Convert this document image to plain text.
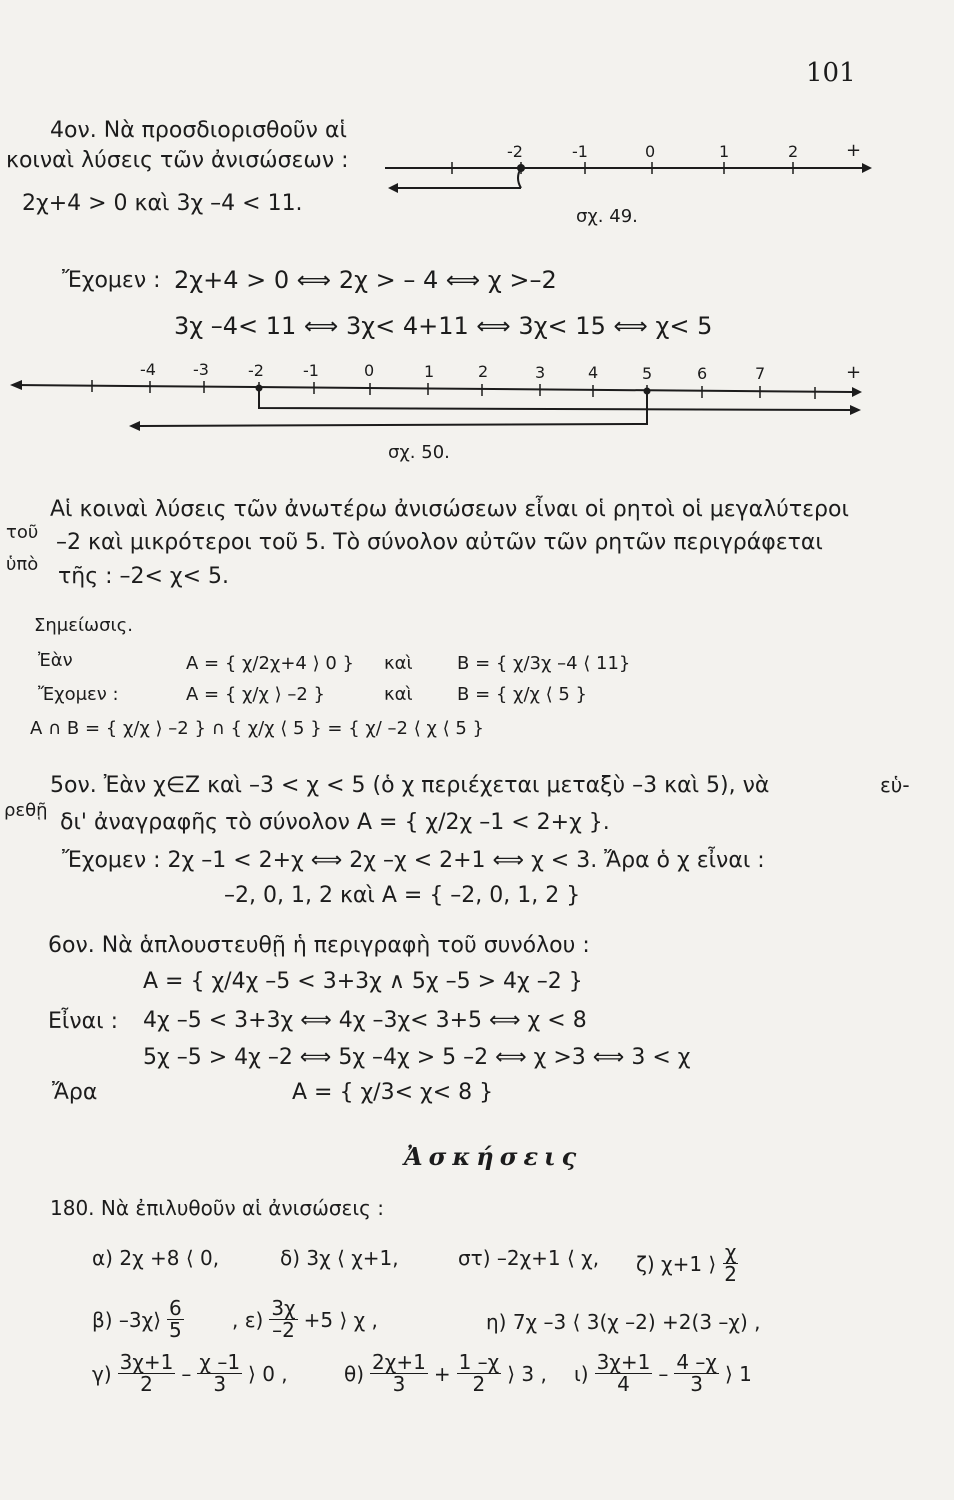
101
4ον. Νὰ προσδιορισθοῦν αἱ
κοιναὶ λύσεις τῶν ἀνισώσεων :
2χ+4 > 0 καὶ 3χ –4 < 11.
-2	-1	0	1	2	+
σχ. 49.
Ἔχομεν : 2χ+4 > 0 ⟺ 2χ > – 4 ⟺ χ >–2
3χ –4< 11 ⟺ 3χ< 4+11 ⟺ 3χ< 15 ⟺ χ< 5
-4 -3 -2 -1	0	1	2	3	4	5	6	7	+
σχ. 50.
Αἱ κοιναὶ λύσεις τῶν ἀνωτέρω ἀνισώσεων εἶναι οἱ ρητοὶ οἱ μεγαλύτεροι
τοῦ –2 καὶ μικρότεροι τοῦ 5. Τὸ σύνολον αὐτῶν τῶν ρητῶν περιγράφεται
ὑπὸ τῆς : –2< χ< 5.
Σημείωσις.
Ἐὰν	A = { χ/2χ+4 ⟩ 0 } καὶ B = { χ/3χ –4 ⟨ 11}
Ἔχομεν :	A = { χ/χ ⟩ –2 }	καὶ B = { χ/χ ⟨ 5 }
A ∩ B = { χ/χ ⟩ –2 } ∩ { χ/χ ⟨ 5 } = { χ/ –2 ⟨ χ ⟨ 5 }
5ον. Ἐὰν χ∈Z καὶ –3 < χ < 5 (ὁ χ περιέχεται μεταξὺ –3 καὶ 5), νὰ	εὑ-
ρεθῇ δι' ἀναγραφῆς τὸ σύνολον A = { χ/2χ –1 < 2+χ }.
Ἔχομεν : 2χ –1 < 2+χ ⟺ 2χ –χ < 2+1 ⟺ χ < 3. Ἄρα ὁ χ εἶναι :
–2, 0, 1, 2 καὶ A = { –2, 0, 1, 2 }
6ον. Νὰ ἁπλουστευθῇ ἡ περιγραφὴ τοῦ συνόλου :
A = { χ/4χ –5 < 3+3χ ∧ 5χ –5 > 4χ –2 }
Εἶναι : 4χ –5 < 3+3χ ⟺ 4χ –3χ< 3+5 ⟺ χ < 8
5χ –5 > 4χ –2 ⟺ 5χ –4χ > 5 –2 ⟺ χ >3 ⟺ 3 < χ
Ἄρα	A = { χ/3< χ< 8 }
Ἀσκήσεις
180. Νὰ ἐπιλυθοῦν αἱ ἀνισώσεις :
α) 2χ +8 ⟨ 0,	δ) 3χ ⟨ χ+1,	στ) –2χ+1 ⟨ χ, ζ) χ+1 ⟩ $\frac{\chi}{2}$
β) –3χ⟩ $\frac{6}{5}$ , $\varepsilon) \frac{3\chi}{-2} +5$ ⟩ χ ,	η) 7χ –3 ⟨ 3(χ –2) +2(3 –χ) ,
$\gamma) \frac{3\chi+1}{2} - \frac{\chi -1}{3}$ ⟩ 0 ,	$\theta) \frac{2\chi+1}{3} + \frac{1 -\chi}{2}$ ⟩ 3 , $\iota) \frac{3\chi+1}{4} - \frac{4 -\chi}{3}$ ⟩ 1
